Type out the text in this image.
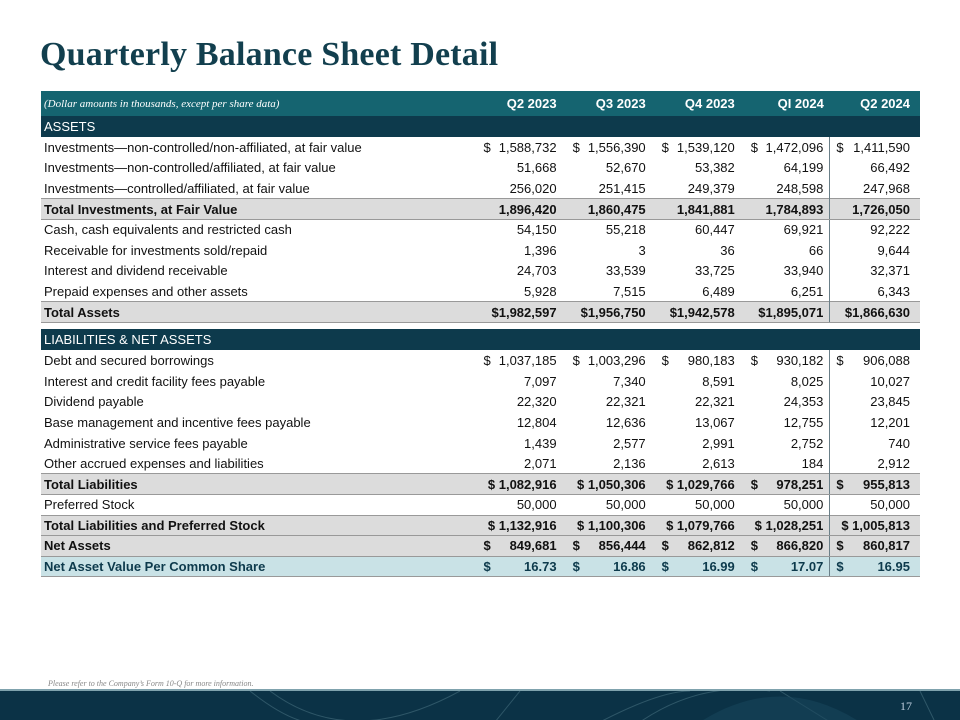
Quarterly Balance Sheet Detail
(Dollar amounts in thousands, except per share data)	Q2 2023	Q3 2023	Q4 2023	QI 2024	Q2 2024
ASSETS					
Investments—non-controlled/non-affiliated, at fair value	$ 1,588,732	$ 1,556,390	$ 1,539,120	$ 1,472,096	$ 1,411,590
Investments—non-controlled/affiliated, at fair value	51,668	52,670	53,382	64,199	66,492
Investments—controlled/affiliated, at fair value	256,020	251,415	249,379	248,598	247,968
Total Investments, at Fair Value	1,896,420	1,860,475	1,841,881	1,784,893	1,726,050
Cash, cash equivalents and restricted cash	54,150	55,218	60,447	69,921	92,222
Receivable for investments sold/repaid	1,396	3	36	66	9,644
Interest and dividend receivable	24,703	33,539	33,725	33,940	32,371
Prepaid expenses and other assets	5,928	7,515	6,489	6,251	6,343
Total Assets	$1,982,597	$1,956,750	$1,942,578	$1,895,071	$1,866,630

LIABILITIES & NET ASSETS					
Debt and secured borrowings	$ 1,037,185	$ 1,003,296	$ 980,183	$ 930,182	$ 906,088
Interest and credit facility fees payable	7,097	7,340	8,591	8,025	10,027
Dividend payable	22,320	22,321	22,321	24,353	23,845
Base management and incentive fees payable	12,804	12,636	13,067	12,755	12,201
Administrative service fees payable	1,439	2,577	2,991	2,752	740
Other accrued expenses and liabilities	2,071	2,136	2,613	184	2,912
Total Liabilities	$ 1,082,916	$ 1,050,306	$ 1,029,766	$ 978,251	$ 955,813
Preferred Stock	50,000	50,000	50,000	50,000	50,000
Total Liabilities and Preferred Stock	$ 1,132,916	$ 1,100,306	$ 1,079,766	$ 1,028,251	$ 1,005,813
Net Assets	$ 849,681	$ 856,444	$ 862,812	$ 866,820	$ 860,817
Net Asset Value Per Common Share	$ 16.73	$ 16.86	$ 16.99	$ 17.07	$ 16.95
Please refer to the Company’s Form 10-Q for more information.
17
